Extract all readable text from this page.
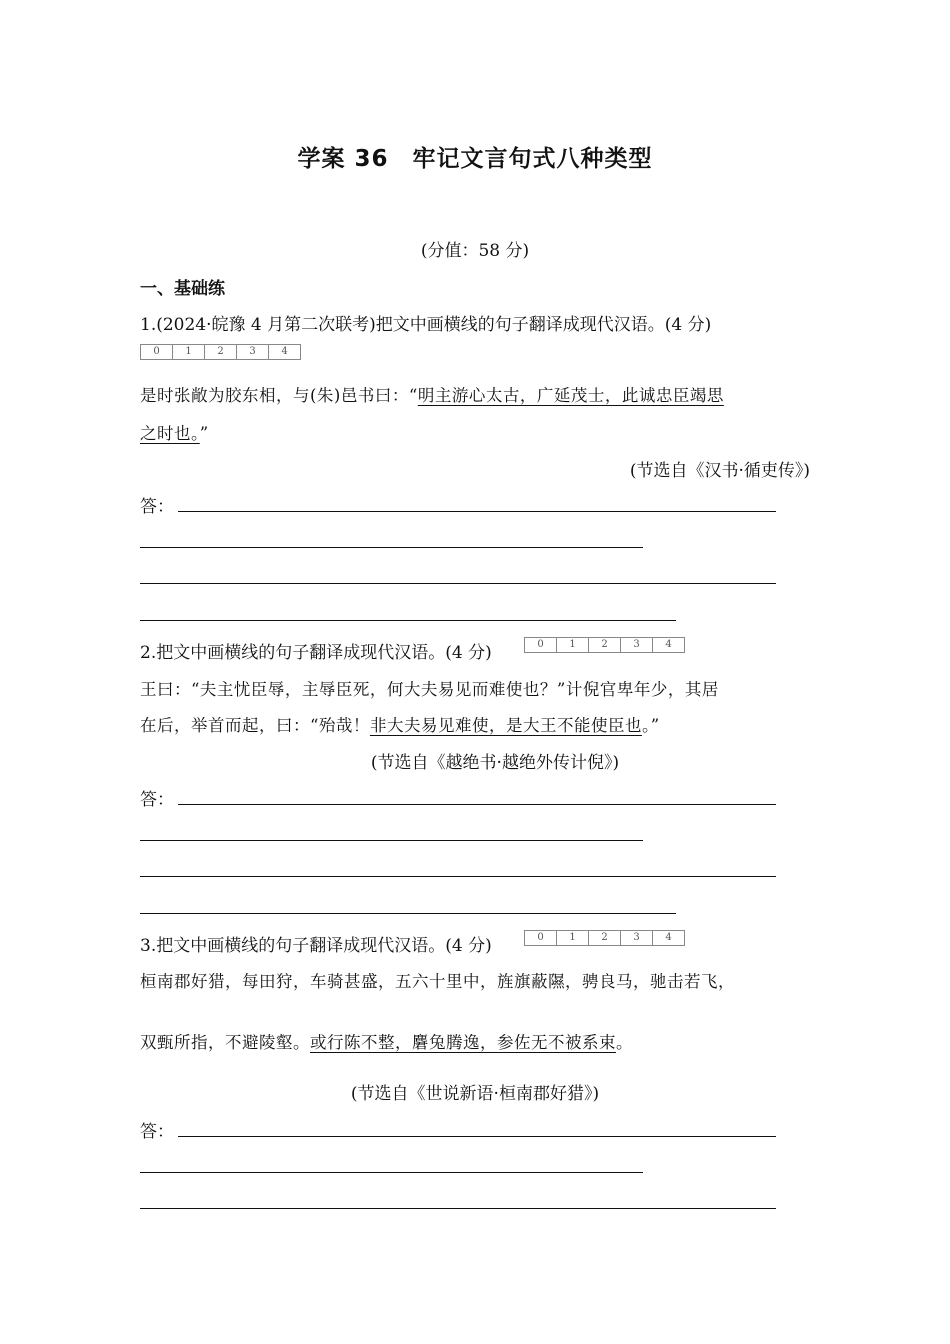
学案 36　牢记文言句式八种类型
(分值：58 分)
一、基础练
1.(2024·皖豫 4 月第二次联考)把文中画横线的句子翻译成现代汉语。(4 分)
0	1	2	3	4
是时张敞为胶东相，与(朱)邑书曰：“明主游心太古，广延茂士，此诚忠臣竭思
之时也。”
(节选自《汉书·循吏传》)
答：
2.把文中画横线的句子翻译成现代汉语。(4 分)	0	1	2	3	4
王曰：“夫主忧臣辱，主辱臣死，何大夫易见而难使也？”计倪官卑年少，其居
在后，举首而起，曰：“殆哉！非大夫易见难使，是大王不能使臣也。”
(节选自《越绝书·越绝外传计倪》)
答：
3.把文中画横线的句子翻译成现代汉语。(4 分)	0	1	2	3	4
桓南郡好猎，每田狩，车骑甚盛，五六十里中，旌旗蔽隰，骋良马，驰击若飞，
双甄所指，不避陵壑。或行陈不整，麏兔腾逸，参佐无不被系束。
(节选自《世说新语·桓南郡好猎》)
答：
